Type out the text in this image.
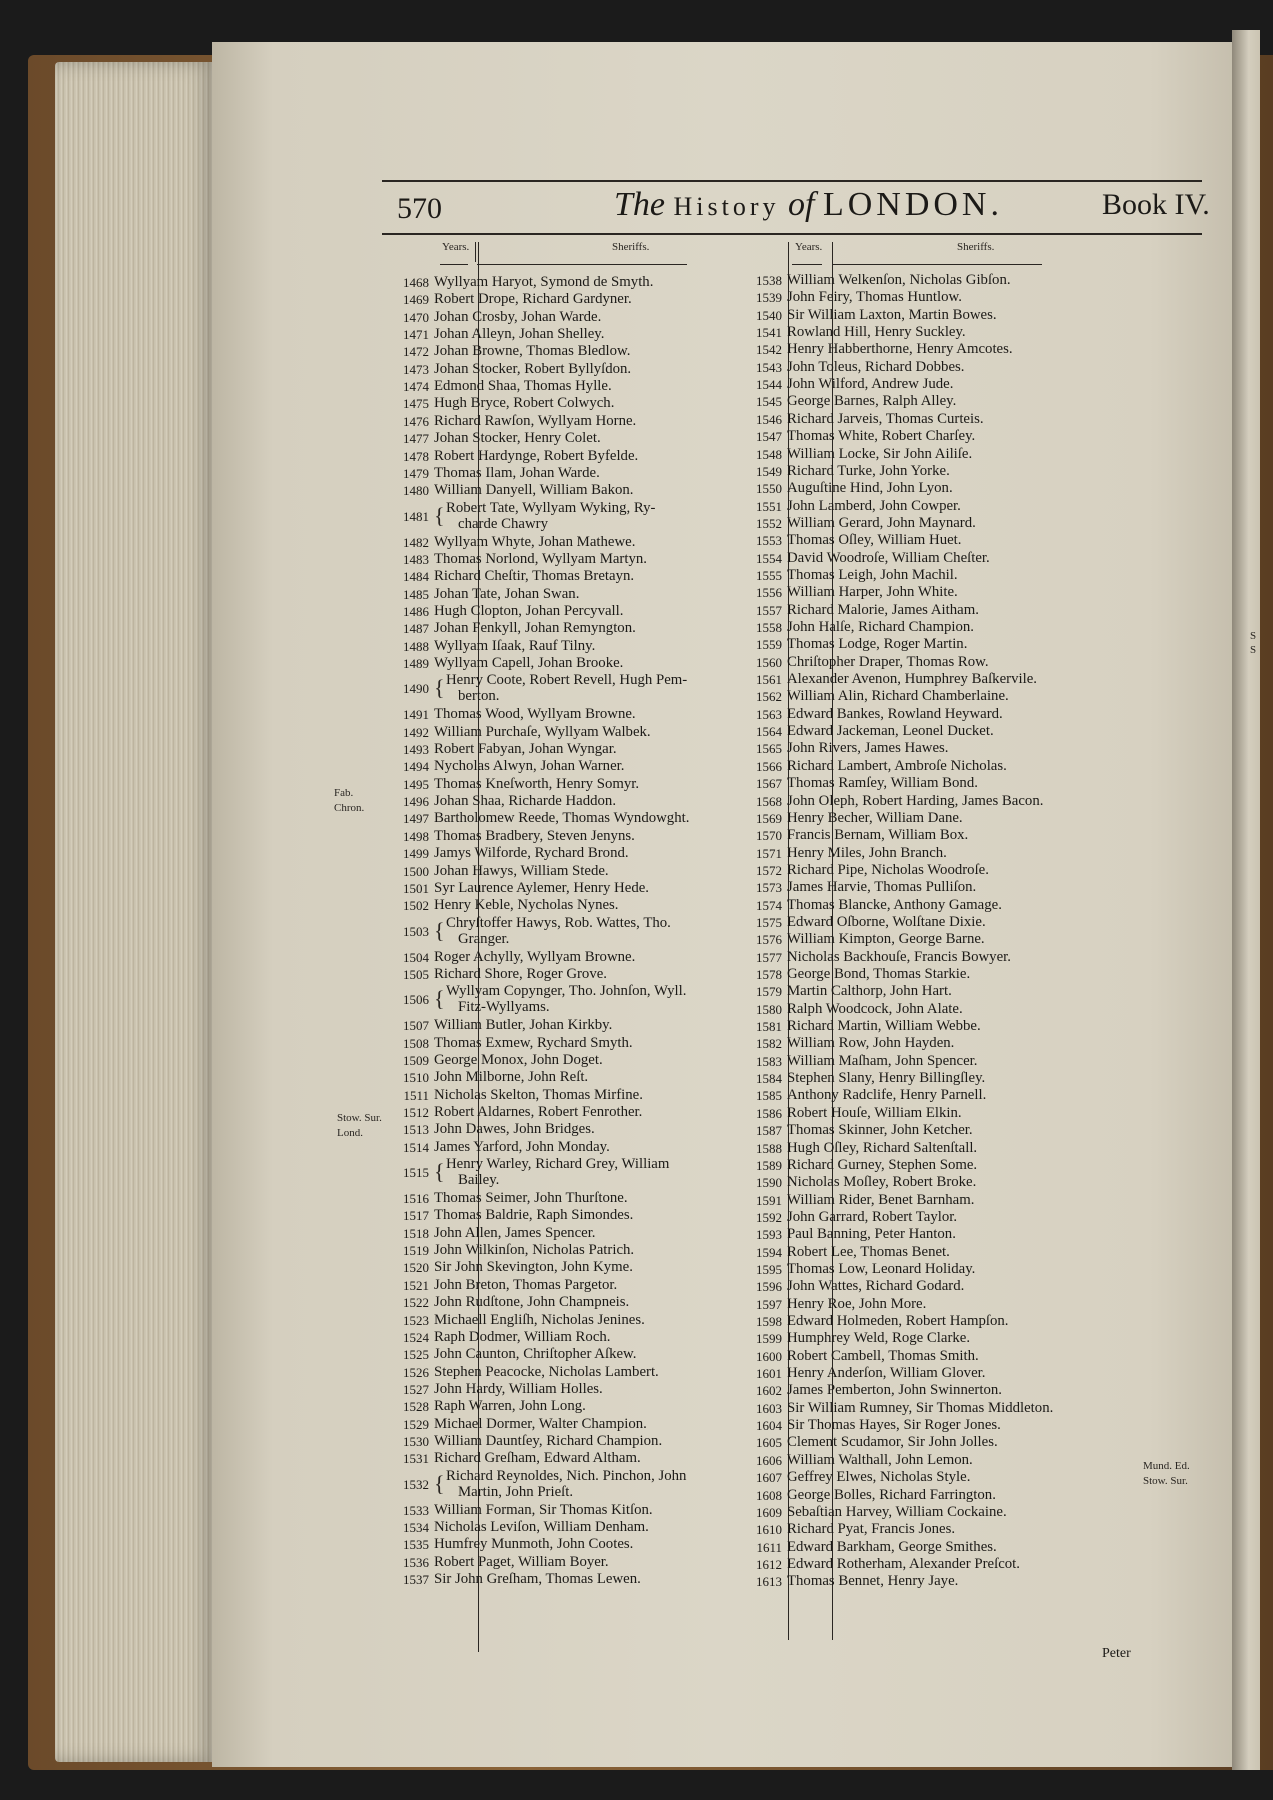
S
S
570	The History of LONDON.	Book IV.
Years.	Sheriffs.	Years.	Sheriffs.
1468 Wyllyam Haryot, Symond de Smyth.
1469 Robert Drope, Richard Gardyner.
1470 Johan Crosby, Johan Warde.
1471 Johan Alleyn, Johan Shelley.
1472 Johan Browne, Thomas Bledlow.
1473 Johan Stocker, Robert Byllyſdon.
1474 Edmond Shaa, Thomas Hylle.
1475 Hugh Bryce, Robert Colwych.
1476 Richard Rawſon, Wyllyam Horne.
1477 Johan Stocker, Henry Colet.
1478 Robert Hardynge, Robert Byfelde.
1479 Thomas Ilam, Johan Warde.
1480 William Danyell, William Bakon.
1481 { Robert Tate, Wyllyam Wyking, Ry-
charde Chawry
1482 Wyllyam Whyte, Johan Mathewe.
1483 Thomas Norlond, Wyllyam Martyn.
1484 Richard Cheſtir, Thomas Bretayn.
1485 Johan Tate, Johan Swan.
1486 Hugh Clopton, Johan Percyvall.
1487 Johan Fenkyll, Johan Remyngton.
1488 Wyllyam Iſaak, Rauf Tilny.
1489 Wyllyam Capell, Johan Brooke.
1490 { Henry Coote, Robert Revell, Hugh Pem-
berton.
1491 Thomas Wood, Wyllyam Browne.
1492 William Purchaſe, Wyllyam Walbek.
1493 Robert Fabyan, Johan Wyngar.
1494 Nycholas Alwyn, Johan Warner.
1495 Thomas Kneſworth, Henry Somyr.
1496 Johan Shaa, Richarde Haddon.
1497 Bartholomew Reede, Thomas Wyndowght.
1498 Thomas Bradbery, Steven Jenyns.
1499 Jamys Wilforde, Rychard Brond.
1500 Johan Hawys, William Stede.
1501 Syr Laurence Aylemer, Henry Hede.
1502 Henry Keble, Nycholas Nynes.
1503 { Chryſtoffer Hawys, Rob. Wattes, Tho.
Granger.
1504 Roger Achylly, Wyllyam Browne.
1505 Richard Shore, Roger Grove.
1506 { Wyllyam Copynger, Tho. Johnſon, Wyll.
Fitz-Wyllyams.
1507 William Butler, Johan Kirkby.
1508 Thomas Exmew, Rychard Smyth.
1509 George Monox, John Doget.
1510 John Milborne, John Reſt.
1511 Nicholas Skelton, Thomas Mirfine.
1512 Robert Aldarnes, Robert Fenrother.
1513 John Dawes, John Bridges.
1514 James Yarford, John Monday.
1515 { Henry Warley, Richard Grey, William
Bailey.
1516 Thomas Seimer, John Thurſtone.
1517 Thomas Baldrie, Raph Simondes.
1518 John Allen, James Spencer.
1519 John Wilkinſon, Nicholas Patrich.
1520 Sir John Skevington, John Kyme.
1521 John Breton, Thomas Pargetor.
1522 John Rudſtone, John Champneis.
1523 Michaell Engliſh, Nicholas Jenines.
1524 Raph Dodmer, William Roch.
1525 John Caunton, Chriſtopher Aſkew.
1526 Stephen Peacocke, Nicholas Lambert.
1527 John Hardy, William Holles.
1528 Raph Warren, John Long.
1529 Michael Dormer, Walter Champion.
1530 William Dauntſey, Richard Champion.
1531 Richard Greſham, Edward Altham.
1532 { Richard Reynoldes, Nich. Pinchon, John
Martin, John Prieſt.
1533 William Forman, Sir Thomas Kitſon.
1534 Nicholas Leviſon, William Denham.
1535 Humfrey Munmoth, John Cootes.
1536 Robert Paget, William Boyer.
1537 Sir John Greſham, Thomas Lewen.
1538 William Welkenſon, Nicholas Gibſon.
1539 John Feiry, Thomas Huntlow.
1540 Sir William Laxton, Martin Bowes.
1541 Rowland Hill, Henry Suckley.
1542 Henry Habberthorne, Henry Amcotes.
1543 John Toleus, Richard Dobbes.
1544 John Wilford, Andrew Jude.
1545 George Barnes, Ralph Alley.
1546 Richard Jarveis, Thomas Curteis.
1547 Thomas White, Robert Charſey.
1548 William Locke, Sir John Ailiſe.
1549 Richard Turke, John Yorke.
1550 Auguſtine Hind, John Lyon.
1551 John Lamberd, John Cowper.
1552 William Gerard, John Maynard.
1553 Thomas Oſley, William Huet.
1554 David Woodroſe, William Cheſter.
1555 Thomas Leigh, John Machil.
1556 William Harper, John White.
1557 Richard Malorie, James Aitham.
1558 John Halſe, Richard Champion.
1559 Thomas Lodge, Roger Martin.
1560 Chriſtopher Draper, Thomas Row.
1561 Alexander Avenon, Humphrey Baſkervile.
1562 William Alin, Richard Chamberlaine.
1563 Edward Bankes, Rowland Heyward.
1564 Edward Jackeman, Leonel Ducket.
1565 John Rivers, James Hawes.
1566 Richard Lambert, Ambroſe Nicholas.
1567 Thomas Ramſey, William Bond.
1568 John Oleph, Robert Harding, James Bacon.
1569 Henry Becher, William Dane.
1570 Francis Bernam, William Box.
1571 Henry Miles, John Branch.
1572 Richard Pipe, Nicholas Woodroſe.
1573 James Harvie, Thomas Pulliſon.
1574 Thomas Blancke, Anthony Gamage.
1575 Edward Oſborne, Wolſtane Dixie.
1576 William Kimpton, George Barne.
1577 Nicholas Backhouſe, Francis Bowyer.
1578 George Bond, Thomas Starkie.
1579 Martin Calthorp, John Hart.
1580 Ralph Woodcock, John Alate.
1581 Richard Martin, William Webbe.
1582 William Row, John Hayden.
1583 William Maſham, John Spencer.
1584 Stephen Slany, Henry Billingſley.
1585 Anthony Radclife, Henry Parnell.
1586 Robert Houſe, William Elkin.
1587 Thomas Skinner, John Ketcher.
1588 Hugh Oſley, Richard Saltenſtall.
1589 Richard Gurney, Stephen Some.
1590 Nicholas Moſley, Robert Broke.
1591 William Rider, Benet Barnham.
1592 John Garrard, Robert Taylor.
1593 Paul Banning, Peter Hanton.
1594 Robert Lee, Thomas Benet.
1595 Thomas Low, Leonard Holiday.
1596 John Wattes, Richard Godard.
1597 Henry Roe, John More.
1598 Edward Holmeden, Robert Hampſon.
1599 Humphrey Weld, Roge Clarke.
1600 Robert Cambell, Thomas Smith.
1601 Henry Anderſon, William Glover.
1602 James Pemberton, John Swinnerton.
1603 Sir William Rumney, Sir Thomas Middleton.
1604 Sir Thomas Hayes, Sir Roger Jones.
1605 Clement Scudamor, Sir John Jolles.
1606 William Walthall, John Lemon.
1607 Geffrey Elwes, Nicholas Style.
1608 George Bolles, Richard Farrington.
1609 Sebaſtian Harvey, William Cockaine.
1610 Richard Pyat, Francis Jones.
1611 Edward Barkham, George Smithes.
1612 Edward Rotherham, Alexander Preſcot.
1613 Thomas Bennet, Henry Jaye.
Fab.
Chron.
Stow. Sur.
Lond.
Mund. Ed.
Stow. Sur.
Peter
